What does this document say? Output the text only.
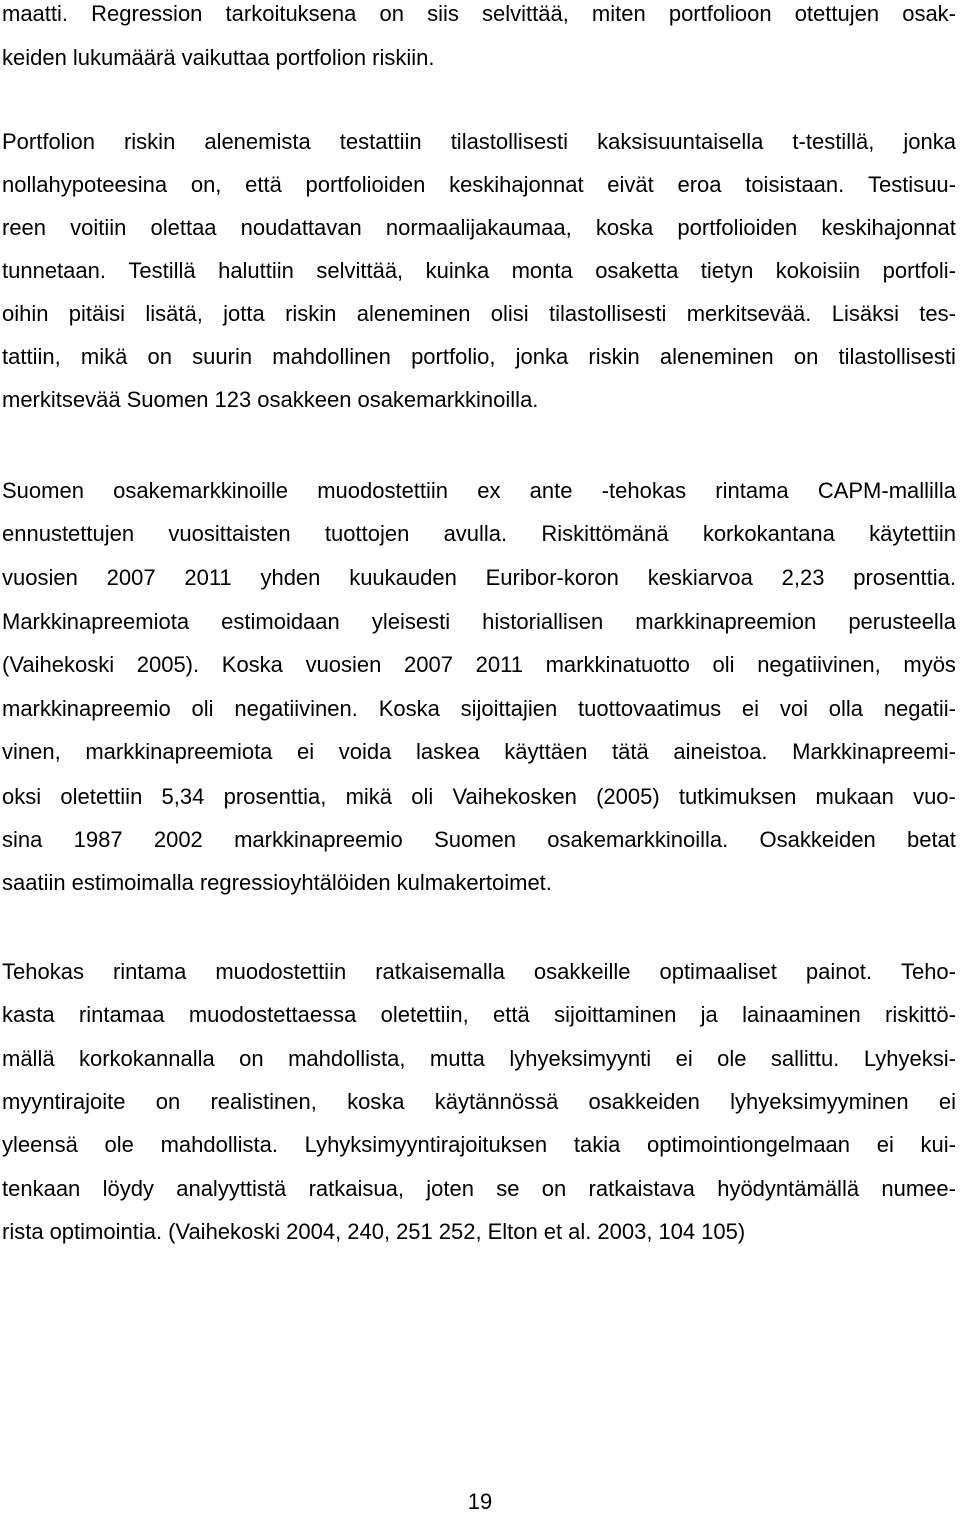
maatti. Regression tarkoituksena on siis selvittää, miten portfolioon otettujen osak-
keiden lukumäärä vaikuttaa portfolion riskiin.
Portfolion riskin alenemista testattiin tilastollisesti kaksisuuntaisella t-testillä, jonka
nollahypoteesina on, että portfolioiden keskihajonnat eivät eroa toisistaan. Testisuu-
reen voitiin olettaa noudattavan normaalijakaumaa, koska portfolioiden keskihajonnat
tunnetaan. Testillä haluttiin selvittää, kuinka monta osaketta tietyn kokoisiin portfoli-
oihin pitäisi lisätä, jotta riskin aleneminen olisi tilastollisesti merkitsevää. Lisäksi tes-
tattiin, mikä on suurin mahdollinen portfolio, jonka riskin aleneminen on tilastollisesti
merkitsevää Suomen 123 osakkeen osakemarkkinoilla.
Suomen osakemarkkinoille muodostettiin ex ante -tehokas rintama CAPM-mallilla
ennustettujen vuosittaisten tuottojen avulla. Riskittömänä korkokantana käytettiin
vuosien 2007 2011 yhden kuukauden Euribor-koron keskiarvoa 2,23 prosenttia.
Markkinapreemiota estimoidaan yleisesti historiallisen markkinapreemion perusteella
(Vaihekoski 2005). Koska vuosien 2007 2011 markkinatuotto oli negatiivinen, myös
markkinapreemio oli negatiivinen. Koska sijoittajien tuottovaatimus ei voi olla negatii-
vinen, markkinapreemiota ei voida laskea käyttäen tätä aineistoa. Markkinapreemi-
oksi oletettiin 5,34 prosenttia, mikä oli Vaihekosken (2005) tutkimuksen mukaan vuo-
sina 1987 2002 markkinapreemio Suomen osakemarkkinoilla. Osakkeiden betat
saatiin estimoimalla regressioyhtälöiden kulmakertoimet.
Tehokas rintama muodostettiin ratkaisemalla osakkeille optimaaliset painot. Teho-
kasta rintamaa muodostettaessa oletettiin, että sijoittaminen ja lainaaminen riskittö-
mällä korkokannalla on mahdollista, mutta lyhyeksimyynti ei ole sallittu. Lyhyeksi-
myyntirajoite on realistinen, koska käytännössä osakkeiden lyhyeksimyyminen ei
yleensä ole mahdollista. Lyhyksimyyntirajoituksen takia optimointiongelmaan ei kui-
tenkaan löydy analyyttistä ratkaisua, joten se on ratkaistava hyödyntämällä numee-
rista optimointia. (Vaihekoski 2004, 240, 251 252, Elton et al. 2003, 104 105)
19
